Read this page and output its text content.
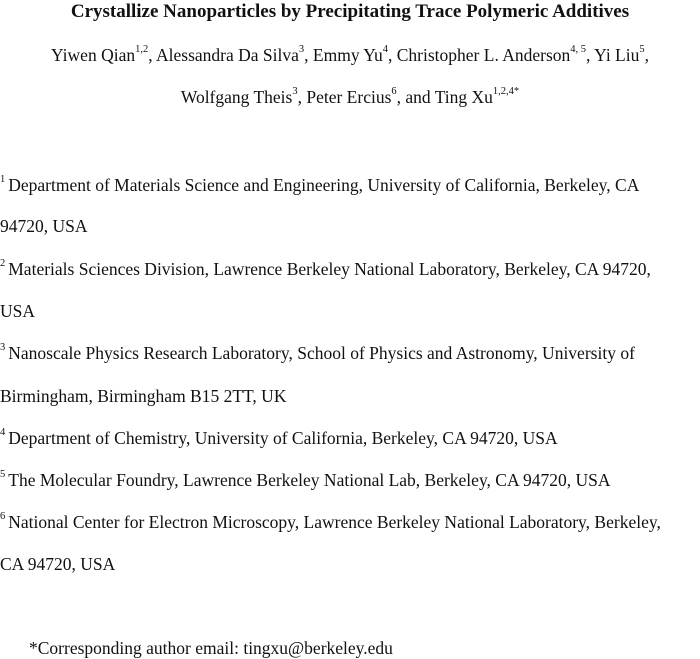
Crystallize Nanoparticles by Precipitating Trace Polymeric Additives
Yiwen Qian$^{1,2}$, Alessandra Da Silva$^3$, Emmy Yu$^4$, Christopher L. Anderson$^{4, 5}$, Yi Liu$^5$,
Wolfgang Theis$^3$, Peter Ercius$^6$, and Ting $Xu^{1,2,4*}$
$^1$ Department of Materials Science and Engineering, University of California, Berkeley, CA
94720, USA
$^2$ Materials Sciences Division, Lawrence Berkeley National Laboratory, Berkeley, CA 94720,
USA
$^3$ Nanoscale Physics Research Laboratory, School of Physics and Astronomy, University of
Birmingham, Birmingham B15 2TT, UK
$^4$ Department of Chemistry, University of California, Berkeley, CA 94720, USA
$^5$ The Molecular Foundry, Lawrence Berkeley National Lab, Berkeley, CA 94720, USA
$^6$ National Center for Electron Microscopy, Lawrence Berkeley National Laboratory, Berkeley,
CA 94720, USA
*Corresponding author email: tingxu@berkeley.edu
